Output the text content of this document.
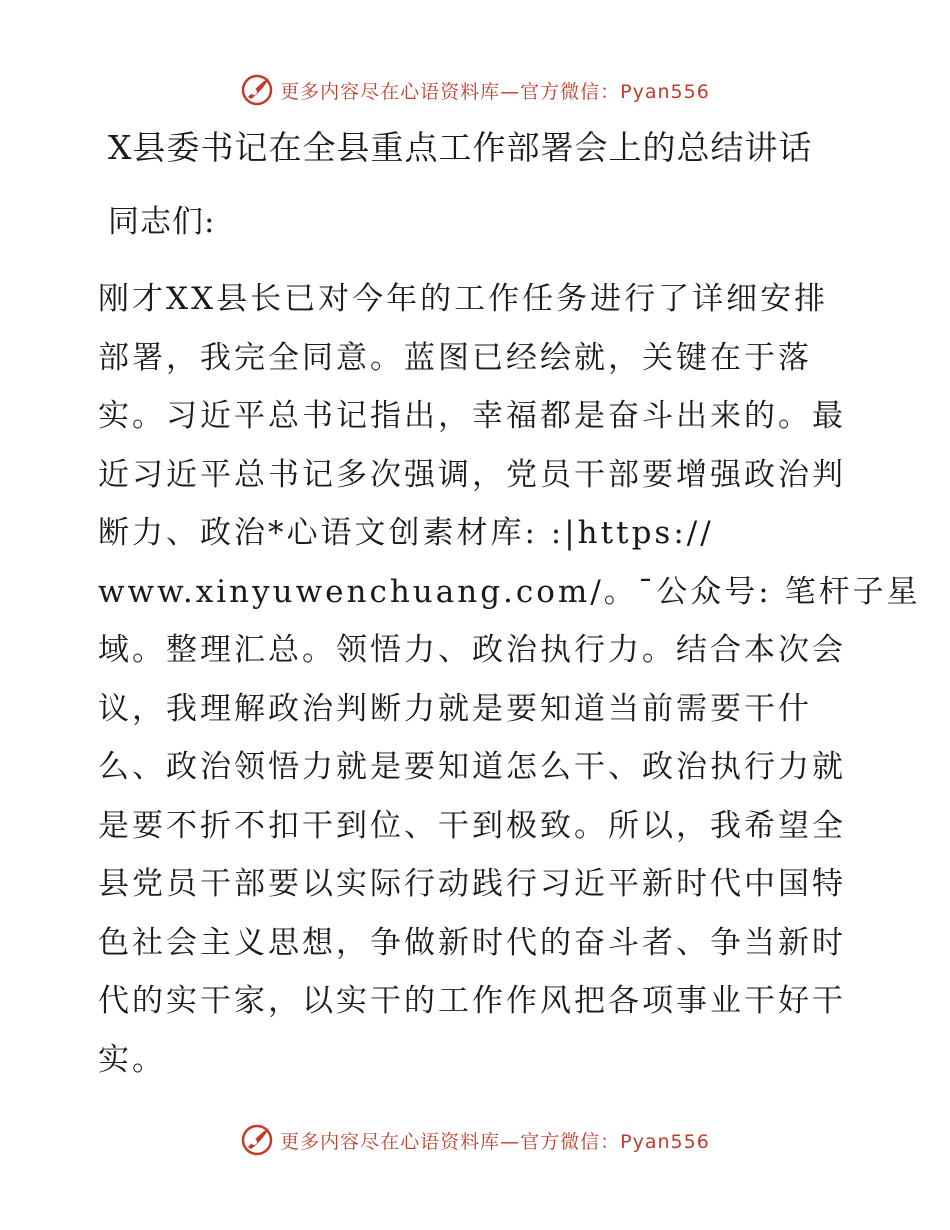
更多内容尽在心语资料库—官方微信：Pyan556
X县委书记在全县重点工作部署会上的总结讲话

同志们:

刚才XX县长已对今年的工作任务进行了详细安排
部署，我完全同意。蓝图已经绘就，关键在于落
实。习近平总书记指出，幸福都是奋斗出来的。最
近习近平总书记多次强调，党员干部要增强政治判
断力、政治*心语文创素材库: :|https://
www.xinyuwenchuang.com/。¯公众号: 笔杆子星
域。整理汇总。领悟力、政治执行力。结合本次会
议，我理解政治判断力就是要知道当前需要干什
么、政治领悟力就是要知道怎么干、政治执行力就
是要不折不扣干到位、干到极致。所以，我希望全
县党员干部要以实际行动践行习近平新时代中国特
色社会主义思想，争做新时代的奋斗者、争当新时
代的实干家，以实干的工作作风把各项事业干好干
实。
更多内容尽在心语资料库—官方微信：Pyan556
